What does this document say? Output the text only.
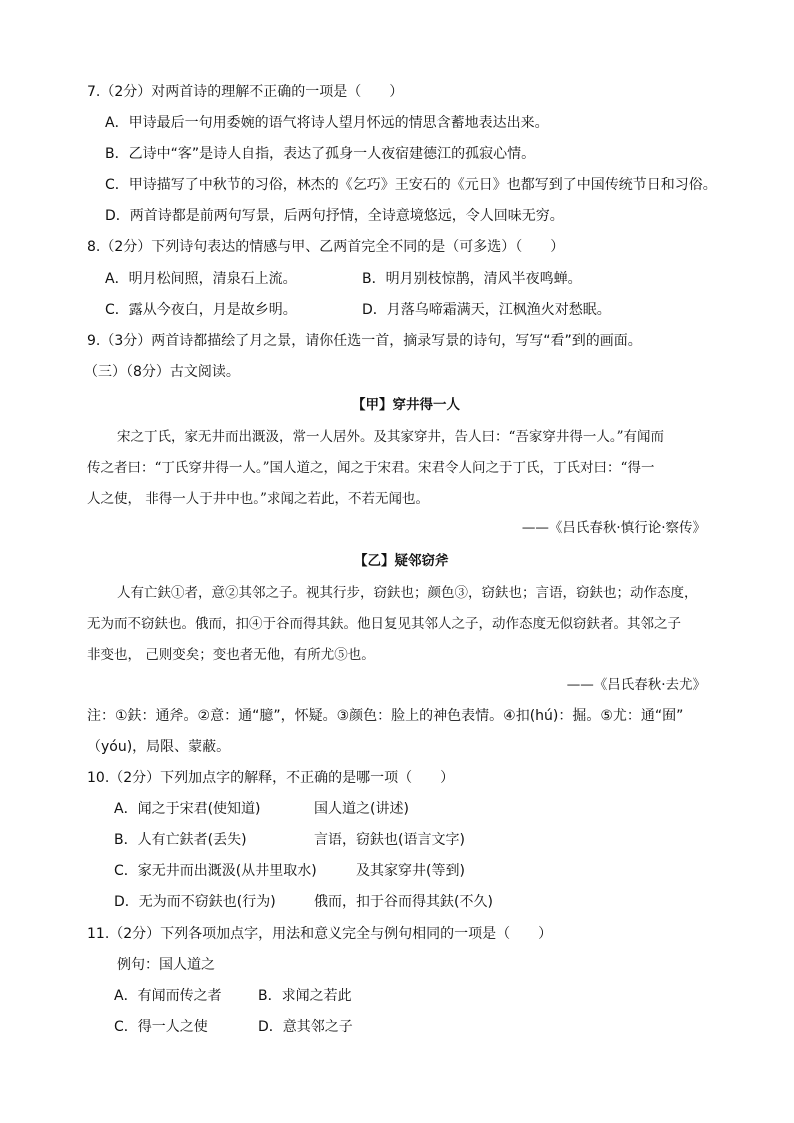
7.（2分）对两首诗的理解不正确的一项是（　　）
A．甲诗最后一句用委婉的语气将诗人望月怀远的情思含蓄地表达出来。
B．乙诗中“客”是诗人自指，表达了孤身一人夜宿建德江的孤寂心情。
C．甲诗描写了中秋节的习俗，林杰的《乞巧》王安石的《元日》也都写到了中国传统节日和习俗。
D．两首诗都是前两句写景，后两句抒情，全诗意境悠远，令人回味无穷。
8.（2分）下列诗句表达的情感与甲、乙两首完全不同的是（可多选）（　　）
A．明月松间照，清泉石上流。	B．明月别枝惊鹊，清风半夜鸣蝉。
C．露从今夜白，月是故乡明。	D．月落乌啼霜满天，江枫渔火对愁眠。
9.（3分）两首诗都描绘了月之景，请你任选一首，摘录写景的诗句，写写“看”到的画面。
（三）（8分）古文阅读。
【甲】穿井得一人
宋之丁氏，家无井而出溉汲，常一人居外。及其家穿井，告人曰：“吾家穿井得一人。”有闻而
传之者曰：“丁氏穿井得一人。”国人道之，闻之于宋君。宋君令人问之于丁氏，丁氏对曰：“得一
人之使， 非得一人于井中也。”求闻之若此，不若无闻也。
——《吕氏春秋·慎行论·察传》
【乙】疑邻窃斧
人有亡鈇①者，意②其邻之子。视其行步，窃鈇也；颜色③，窃鈇也；言语，窃鈇也；动作态度，
无为而不窃鈇也。俄而，扣④于谷而得其鈇。他日复见其邻人之子，动作态度无似窃鈇者。其邻之子
非变也， 己则变矣；变也者无他，有所尤⑤也。
——《吕氏春秋·去尤》
注：①鈇：通斧。②意：通“臆”，怀疑。③颜色：脸上的神色表情。④扣(hú)：掘。⑤尤：通“囿”
（yóu)，局限、蒙蔽。
10.（2分）下列加点字的解释，不正确的是哪一项（　　）
A．闻之于宋君(使知道)	国人道之(讲述)
B．人有亡鈇者(丢失)	言语，窃鈇也(语言文字)
C．家无井而出溉汲(从井里取水)	及其家穿井(等到)
D．无为而不窃鈇也(行为)	俄而，扣于谷而得其鈇(不久)
11.（2分）下列各项加点字，用法和意义完全与例句相同的一项是（　　）
例句：国人道之
A．有闻而传之者	B．求闻之若此
C．得一人之使	D．意其邻之子
